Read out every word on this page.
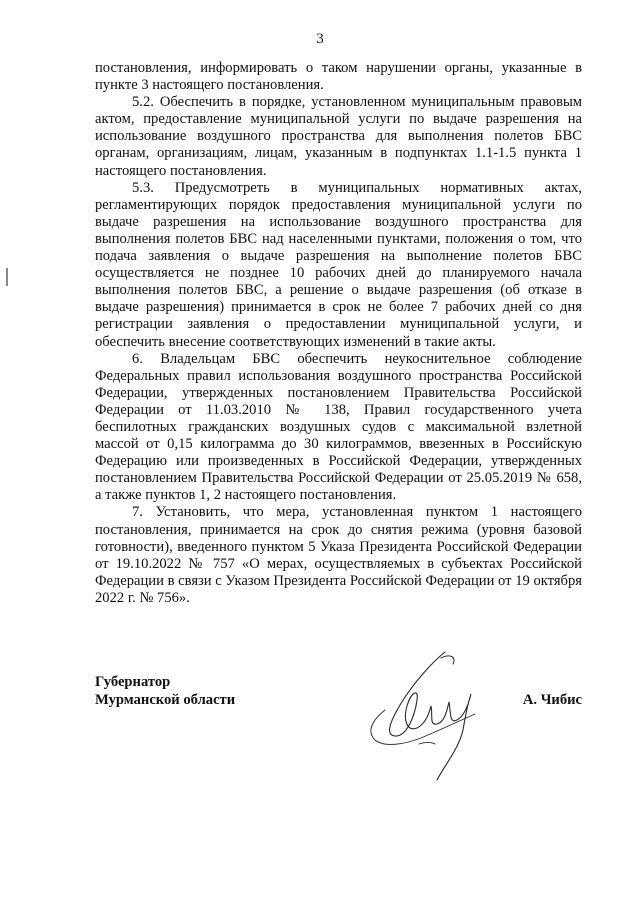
3

постановления, информировать о таком нарушении органы, указанные в пункте 3 настоящего постановления.

5.2. Обеспечить в порядке, установленном муниципальным правовым актом, предоставление муниципальной услуги по выдаче разрешения на использование воздушного пространства для выполнения полетов БВС органам, организациям, лицам, указанным в подпунктах 1.1-1.5 пункта 1 настоящего постановления.

5.3. Предусмотреть в муниципальных нормативных актах, регламентирующих порядок предоставления муниципальной услуги по выдаче разрешения на использование воздушного пространства для выполнения полетов БВС над населенными пунктами, положения о том, что подача заявления о выдаче разрешения на выполнение полетов БВС осуществляется не позднее 10 рабочих дней до планируемого начала выполнения полетов БВС, а решение о выдаче разрешения (об отказе в выдаче разрешения) принимается в срок не более 7 рабочих дней со дня регистрации заявления о предоставлении муниципальной услуги, и обеспечить внесение соответствующих изменений в такие акты.

6. Владельцам БВС обеспечить неукоснительное соблюдение Федеральных правил использования воздушного пространства Российской Федерации, утвержденных постановлением Правительства Российской Федерации от 11.03.2010 № 138, Правил государственного учета беспилотных гражданских воздушных судов с максимальной взлетной массой от 0,15 килограмма до 30 килограммов, ввезенных в Российскую Федерацию или произведенных в Российской Федерации, утвержденных постановлением Правительства Российской Федерации от 25.05.2019 № 658, а также пунктов 1, 2 настоящего постановления.

7. Установить, что мера, установленная пунктом 1 настоящего постановления, принимается на срок до снятия режима (уровня базовой готовности), введенного пунктом 5 Указа Президента Российской Федерации от 19.10.2022 № 757 «О мерах, осуществляемых в субъектах Российской Федерации в связи с Указом Президента Российской Федерации от 19 октября 2022 г. № 756».

Губернатор
Мурманской области	А. Чибис
